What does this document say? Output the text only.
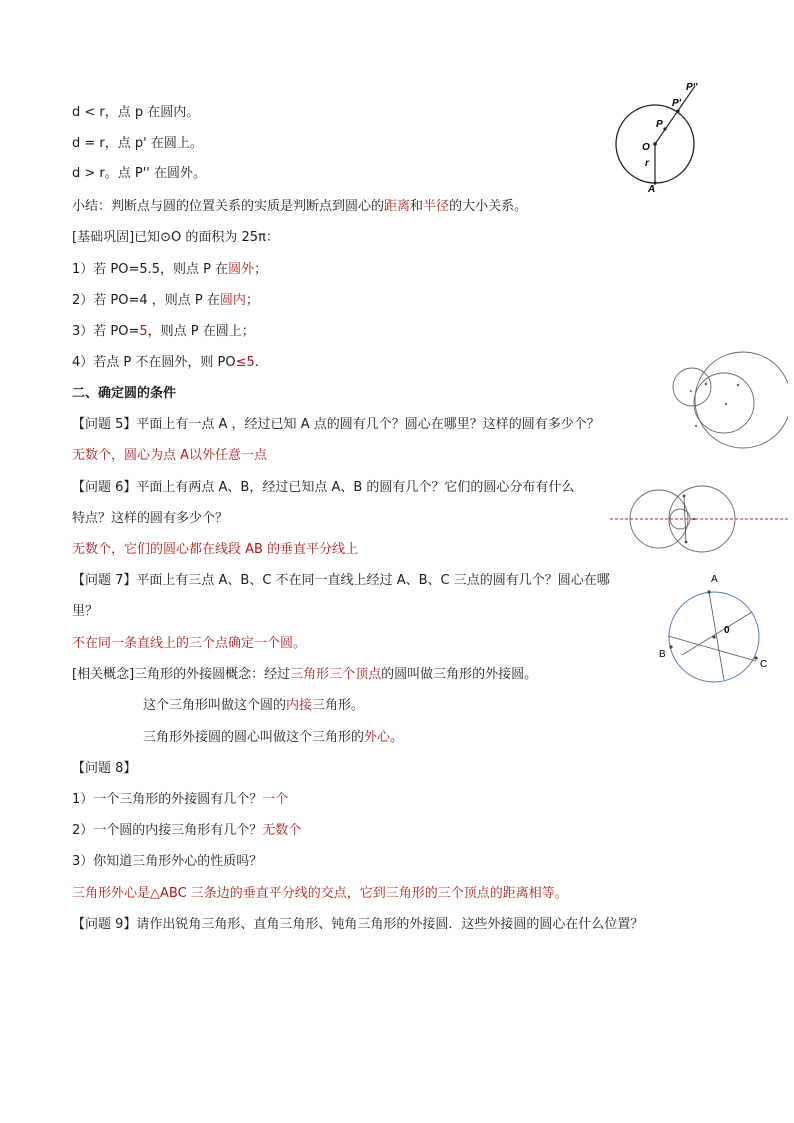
d < r，点 p 在圆内。
d = r，点 p' 在圆上。
d > r。点 P'' 在圆外。
小结：判断点与圆的位置关系的实质是判断点到圆心的距离和半径的大小关系。
[基础巩固]已知⊙O 的面积为 25π：
1）若 PO=5.5，则点 P 在圆外；
2）若 PO=4 ，则点 P 在圆内；
3）若 PO=5，则点 P 在圆上；
4）若点 P 不在圆外，则 PO≤5.
二、确定圆的条件
【问题 5】平面上有一点 A ，经过已知 A 点的圆有几个？圆心在哪里？这样的圆有多少个？
无数个，圆心为点 A以外任意一点
【问题 6】平面上有两点 A、B，经过已知点 A、B 的圆有几个？它们的圆心分布有什么
特点？这样的圆有多少个？
无数个，它们的圆心都在线段 AB 的垂直平分线上
【问题 7】平面上有三点 A、B、C 不在同一直线上经过 A、B、C 三点的圆有几个？圆心在哪
里？
不在同一条直线上的三个点确定一个圆。
[相关概念]三角形的外接圆概念：经过三角形三个顶点的圆叫做三角形的外接圆。
这个三角形叫做这个圆的内接三角形。
三角形外接圆的圆心叫做这个三角形的外心。
【问题 8】
1）一个三角形的外接圆有几个？一个
2）一个圆的内接三角形有几个？无数个
3）你知道三角形外心的性质吗？
三角形外心是△ABC 三条边的垂直平分线的交点，它到三角形的三个顶点的距离相等。
【问题 9】请作出锐角三角形、直角三角形、钝角三角形的外接圆．这些外接圆的圆心在什么位置？
P''
P'
P
O
r
A
A
B
C
0
